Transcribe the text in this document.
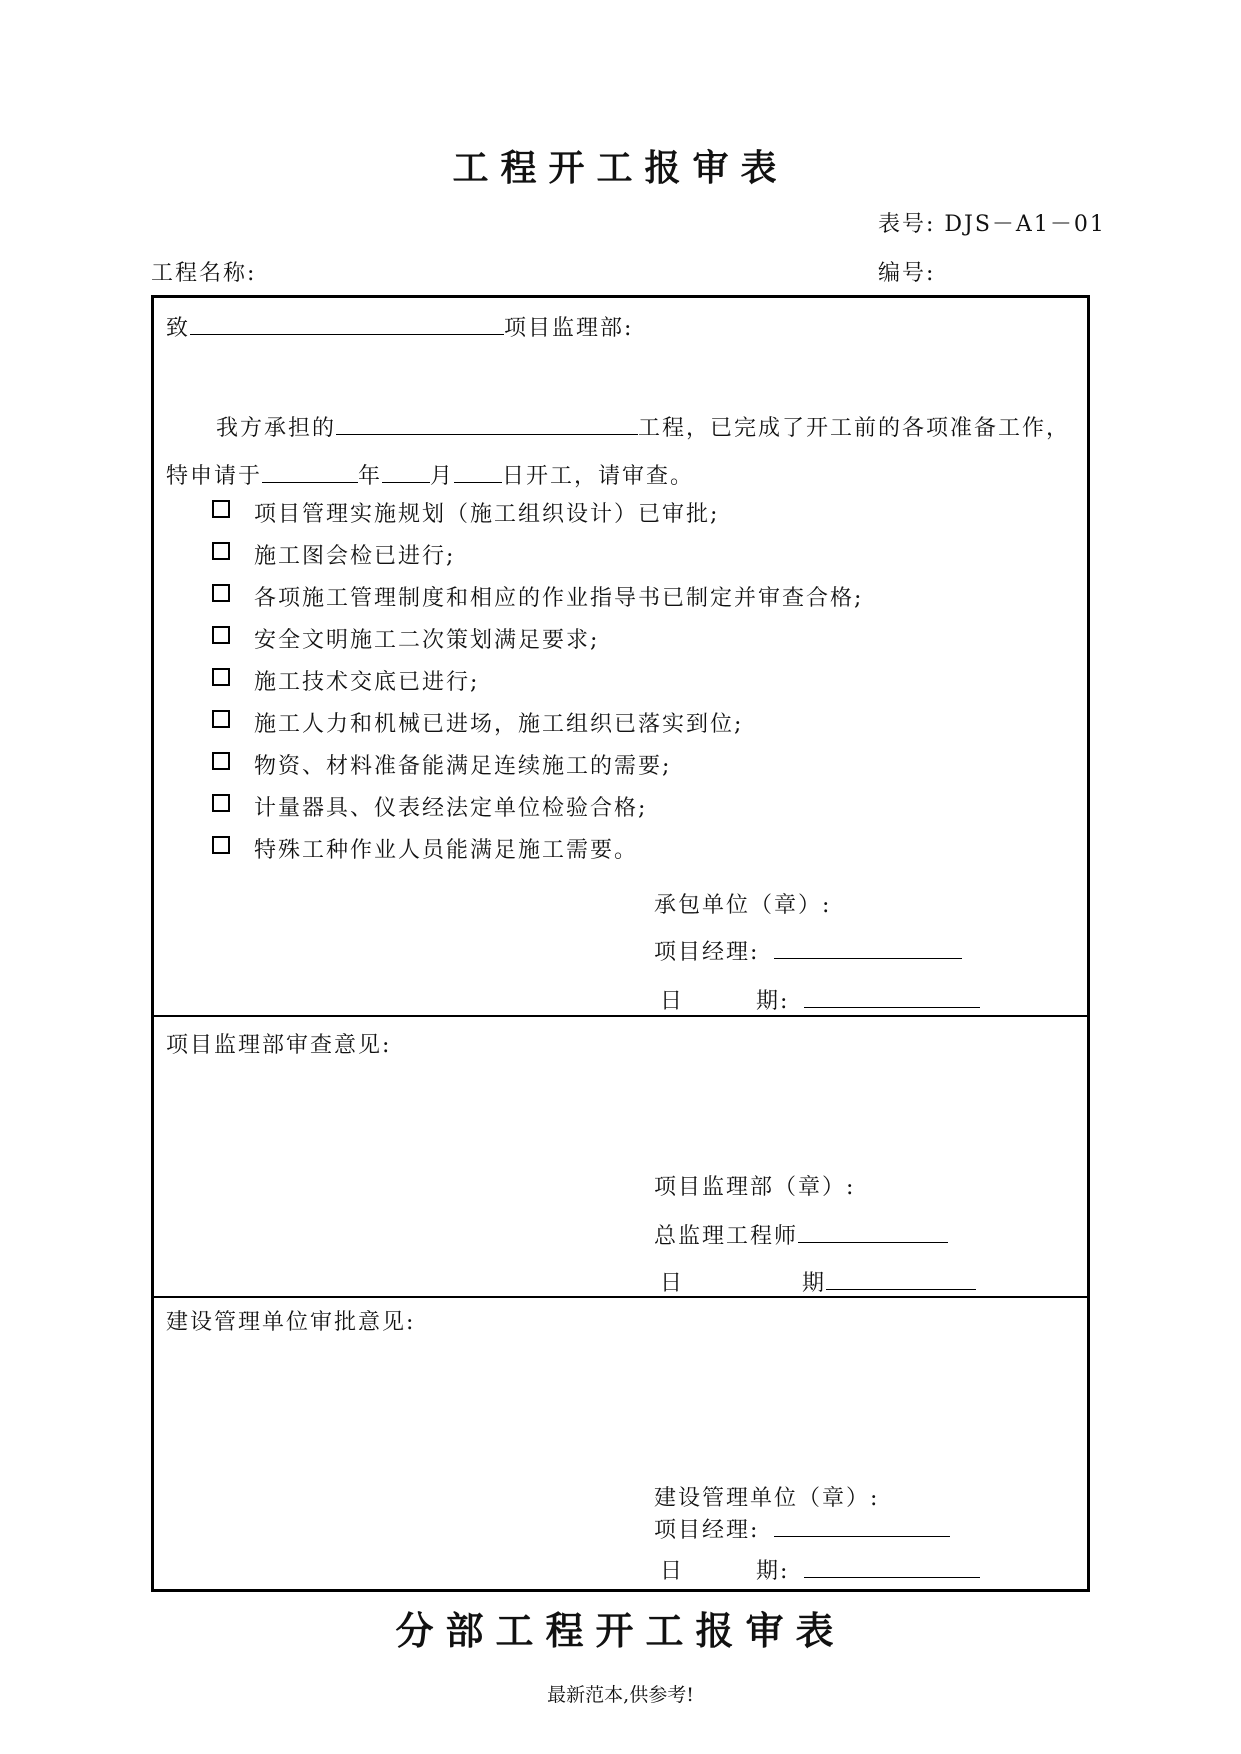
工程开工报审表
表号: DJS－A1－01
工程名称:	编号:
致	项目监理部:
我方承担的	工程，已完成了开工前的各项准备工作，
特申请于	年 月 日开工，请审查。
项目管理实施规划（施工组织设计）已审批;
施工图会检已进行;
各项施工管理制度和相应的作业指导书已制定并审查合格;
安全文明施工二次策划满足要求;
施工技术交底已进行;
施工人力和机械已进场，施工组织已落实到位;
物资、材料准备能满足连续施工的需要;
计量器具、仪表经法定单位检验合格;
特殊工种作业人员能满足施工需要。
承包单位（章）:
项目经理:
日	期:
项目监理部审查意见:
项目监理部（章）:
总监理工程师
日	期
建设管理单位审批意见:
建设管理单位（章）:
项目经理:
日	期:
分部工程开工报审表
最新范本,供参考!
